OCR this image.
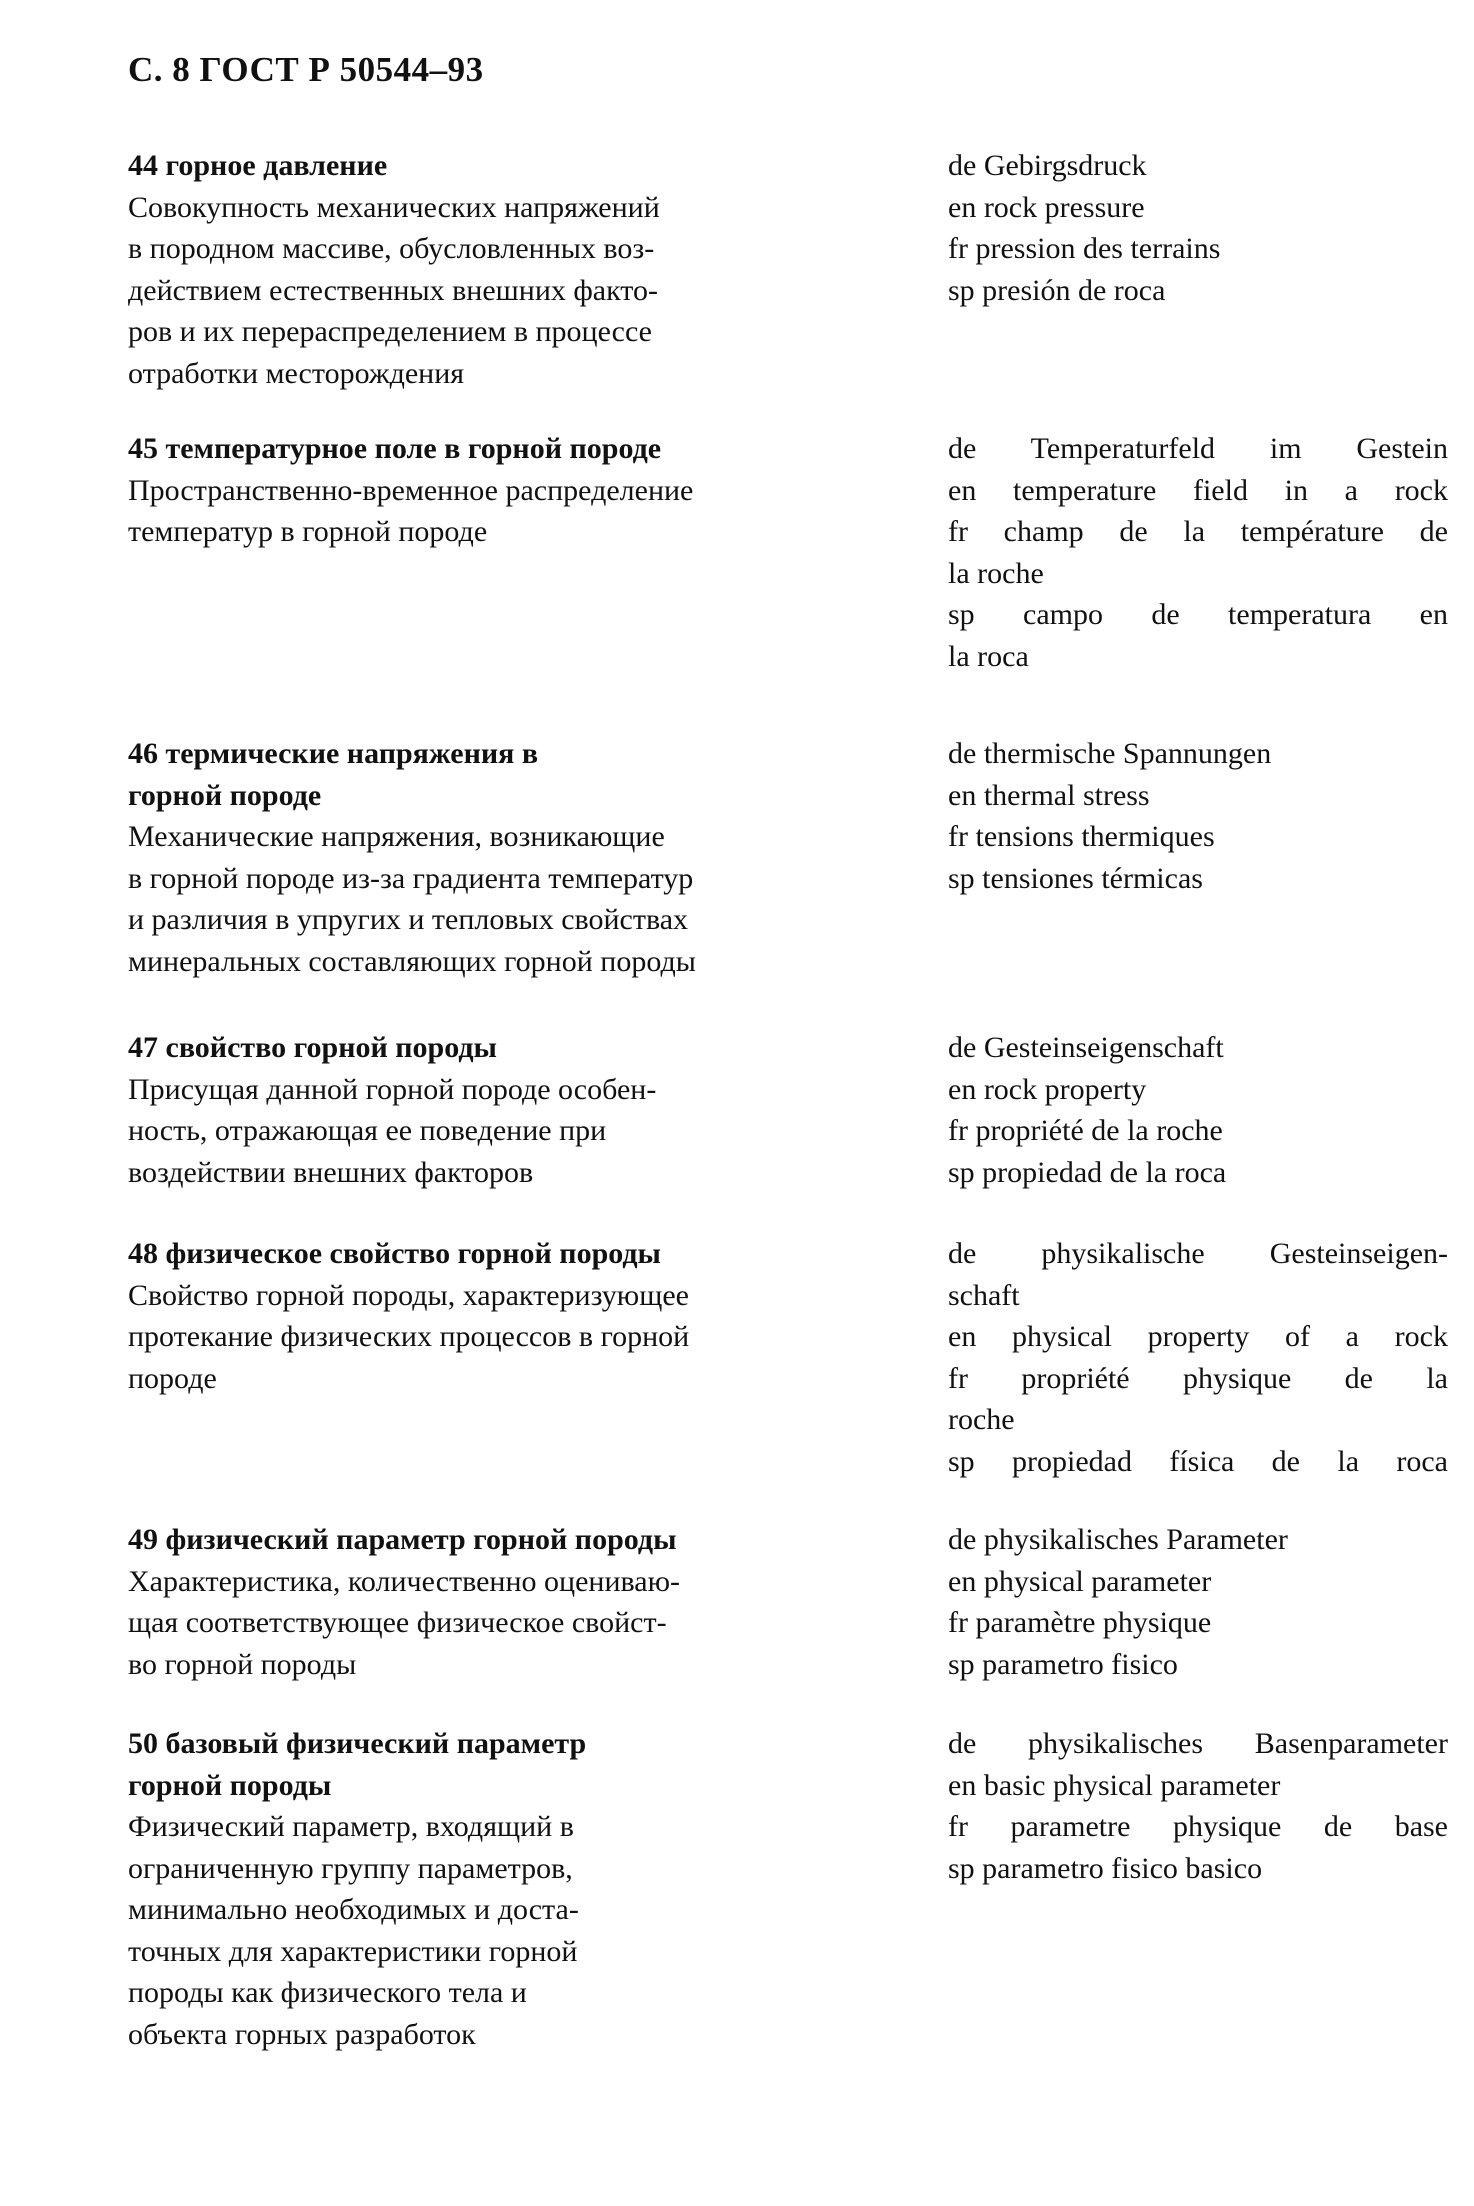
С. 8 ГОСТ Р 50544–93
44 горное давление
Совокупность механических напряжений
в породном массиве, обусловленных воз-
действием естественных внешних факто-
ров и их перераспределением в процессе
отработки месторождения
de Gebirgsdruck
en rock pressure
fr pression des terrains
sp presión de roca
45 температурное поле в горной породе
Пространственно-временное распределение
температур в горной породе
de Temperaturfeld im Gestein
en temperature field in a rock
fr champ de la température de
la roche
sp campo de temperatura en
la roca
46 термические напряжения в
горной породе
Механические напряжения, возникающие
в горной породе из-за градиента температур
и различия в упругих и тепловых свойствах
минеральных составляющих горной породы
de thermische Spannungen
en thermal stress
fr tensions thermiques
sp tensiones térmicas
47 свойство горной породы
Присущая данной горной породе особен-
ность, отражающая ее поведение при
воздействии внешних факторов
de Gesteinseigenschaft
en rock property
fr propriété de la roche
sp propiedad de la roca
48 физическое свойство горной породы
Свойство горной породы, характеризующее
протекание физических процессов в горной
породе
de physikalische Gesteinseigen-
schaft
en physical property of a rock
fr propriété physique de la
roche
sp propiedad física de la roca
49 физический параметр горной породы
Характеристика, количественно оцениваю-
щая соответствующее физическое свойст-
во горной породы
de physikalisches Parameter
en physical parameter
fr paramètre physique
sp parametro fisico
50 базовый физический параметр
горной породы
Физический параметр, входящий в
ограниченную группу параметров,
минимально необходимых и доста-
точных для характеристики горной
породы как физического тела и
объекта горных разработок
de physikalisches Basenparameter
en basic physical parameter
fr parametre physique de base
sp parametro fisico basico
